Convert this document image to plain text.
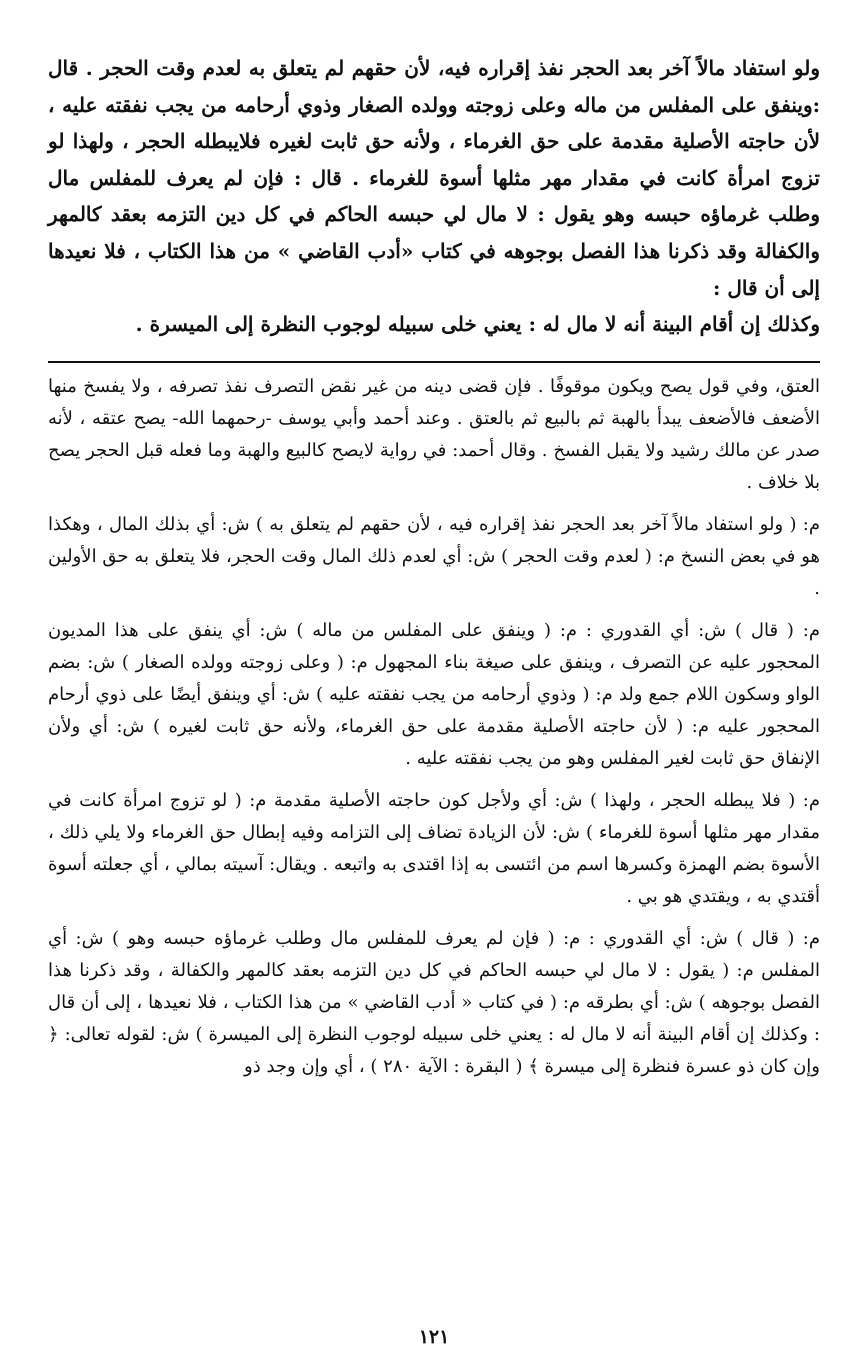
ولو استفاد مالاً آخر بعد الحجر نفذ إقراره فيه، لأن حقهم لم يتعلق به لعدم وقت الحجر . قال :وينفق على المفلس من ماله وعلى زوجته وولده الصغار وذوي أرحامه من يجب نفقته عليه ، لأن حاجته الأصلية مقدمة على حق الغرماء ، ولأنه حق ثابت لغيره فلايبطله الحجر ، ولهذا لو تزوج امرأة كانت في مقدار مهر مثلها أسوة للغرماء . قال : فإن لم يعرف للمفلس مال وطلب غرماؤه حبسه وهو يقول : لا مال لي حبسه الحاكم في كل دين التزمه بعقد كالمهر والكفالة وقد ذكرنا هذا الفصل بوجوهه في كتاب «أدب القاضي » من هذا الكتاب ، فلا نعيدها إلى أن قال :

وكذلك إن أقام البينة أنه لا مال له : يعني خلى سبيله لوجوب النظرة إلى الميسرة .

العتق، وفي قول يصح ويكون موقوفًا . فإن قضى دينه من غير نقض التصرف نفذ تصرفه ، ولا يفسخ منها الأضعف فالأضعف يبدأ بالهبة ثم بالبيع ثم بالعتق . وعند أحمد وأبي يوسف -رحمهما الله- يصح عتقه ، لأنه صدر عن مالك رشيد ولا يقبل الفسخ . وقال أحمد: في رواية لايصح كالبيع والهبة وما فعله قبل الحجر يصح بلا خلاف .

م: ( ولو استفاد مالاً آخر بعد الحجر نفذ إقراره فيه ، لأن حقهم لم يتعلق به ) ش: أي بذلك المال ، وهكذا هو في بعض النسخ م: ( لعدم وقت الحجر ) ش: أي لعدم ذلك المال وقت الحجر، فلا يتعلق به حق الأولين .

م: ( قال ) ش: أي القدوري : م: ( وينفق على المفلس من ماله ) ش: أي ينفق على هذا المديون المحجور عليه عن التصرف ، وينفق على صيغة بناء المجهول م: ( وعلى زوجته وولده الصغار ) ش: بضم الواو وسكون اللام جمع ولد م: ( وذوي أرحامه من يجب نفقته عليه ) ش: أي وينفق أيضًا على ذوي أرحام المحجور عليه م: ( لأن حاجته الأصلية مقدمة على حق الغرماء، ولأنه حق ثابت لغيره ) ش: أي ولأن الإنفاق حق ثابت لغير المفلس وهو من يجب نفقته عليه .

م: ( فلا يبطله الحجر ، ولهذا ) ش: أي ولأجل كون حاجته الأصلية مقدمة م: ( لو تزوج امرأة كانت في مقدار مهر مثلها أسوة للغرماء ) ش: لأن الزيادة تضاف إلى التزامه وفيه إبطال حق الغرماء ولا يلي ذلك ، الأسوة بضم الهمزة وكسرها اسم من ائتسى به إذا اقتدى به واتبعه . ويقال: آسيته بمالي ، أي جعلته أسوة أقتدي به ، ويقتدي هو بي .

م: ( قال ) ش: أي القدوري : م: ( فإن لم يعرف للمفلس مال وطلب غرماؤه حبسه وهو ) ش: أي المفلس م: ( يقول : لا مال لي حبسه الحاكم في كل دين التزمه بعقد كالمهر والكفالة ، وقد ذكرنا هذا الفصل بوجوهه ) ش: أي بطرقه م: ( في كتاب « أدب القاضي » من هذا الكتاب ، فلا نعيدها ، إلى أن قال : وكذلك إن أقام البينة أنه لا مال له : يعني خلى سبيله لوجوب النظرة إلى الميسرة ) ش: لقوله تعالى: ﴿ وإن كان ذو عسرة فنظرة إلى ميسرة ﴾ ( البقرة : الآية ٢٨٠ ) ، أي وإن وجد ذو

١٢١
